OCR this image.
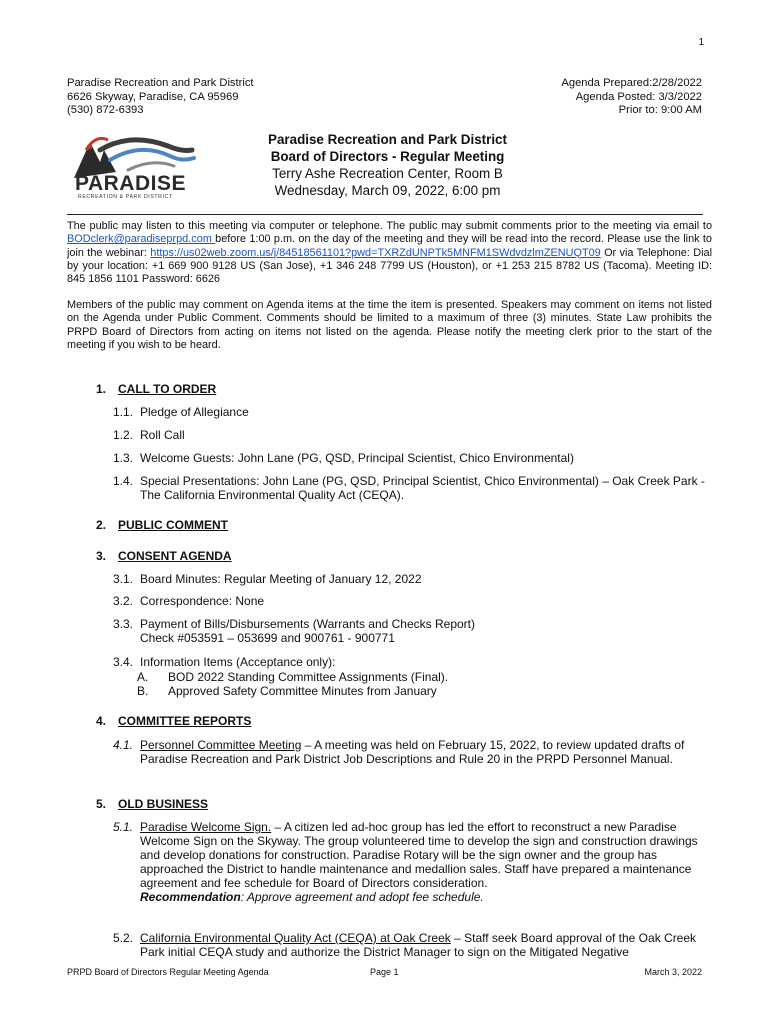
1
Paradise Recreation and Park District
6626 Skyway, Paradise, CA 95969
(530) 872-6393
Agenda Prepared:2/28/2022
Agenda Posted: 3/3/2022
Prior to: 9:00 AM
PARADISE
RECREATION & PARK DISTRICT
Paradise Recreation and Park District
Board of Directors - Regular Meeting
Terry Ashe Recreation Center, Room B
Wednesday, March 09, 2022, 6:00 pm
The public may listen to this meeting via computer or telephone. The public may submit comments prior to the meeting via email to BODclerk@paradiseprpd.com before 1:00 p.m. on the day of the meeting and they will be read into the record. Please use the link to join the webinar: https://us02web.zoom.us/j/84518561101?pwd=TXRZdUNPTk5MNFM1SWdvdzlmZENUQT09 Or via Telephone: Dial by your location: +1 669 900 9128 US (San Jose), +1 346 248 7799 US (Houston), or +1 253 215 8782 US (Tacoma). Meeting ID: 845 1856 1101 Password: 6626
Members of the public may comment on Agenda items at the time the item is presented. Speakers may comment on items not listed on the Agenda under Public Comment. Comments should be limited to a maximum of three (3) minutes. State Law prohibits the PRPD Board of Directors from acting on items not listed on the agenda. Please notify the meeting clerk prior to the start of the meeting if you wish to be heard.
1. CALL TO ORDER
1.1. Pledge of Allegiance
1.2. Roll Call
1.3. Welcome Guests: John Lane (PG, QSD, Principal Scientist, Chico Environmental)
1.4. Special Presentations: John Lane (PG, QSD, Principal Scientist, Chico Environmental) – Oak Creek Park - The California Environmental Quality Act (CEQA).
2. PUBLIC COMMENT
3. CONSENT AGENDA
3.1. Board Minutes: Regular Meeting of January 12, 2022
3.2. Correspondence: None
3.3. Payment of Bills/Disbursements (Warrants and Checks Report)
Check #053591 – 053699 and 900761 - 900771
3.4. Information Items (Acceptance only):
A. BOD 2022 Standing Committee Assignments (Final).
B. Approved Safety Committee Minutes from January
4. COMMITTEE REPORTS
4.1. Personnel Committee Meeting – A meeting was held on February 15, 2022, to review updated drafts of Paradise Recreation and Park District Job Descriptions and Rule 20 in the PRPD Personnel Manual.
5. OLD BUSINESS
5.1. Paradise Welcome Sign. – A citizen led ad-hoc group has led the effort to reconstruct a new Paradise Welcome Sign on the Skyway. The group volunteered time to develop the sign and construction drawings and develop donations for construction. Paradise Rotary will be the sign owner and the group has approached the District to handle maintenance and medallion sales. Staff have prepared a maintenance agreement and fee schedule for Board of Directors consideration.
Recommendation: Approve agreement and adopt fee schedule.
5.2. California Environmental Quality Act (CEQA) at Oak Creek – Staff seek Board approval of the Oak Creek Park initial CEQA study and authorize the District Manager to sign on the Mitigated Negative
PRPD Board of Directors Regular Meeting Agenda	Page 1	March 3, 2022
